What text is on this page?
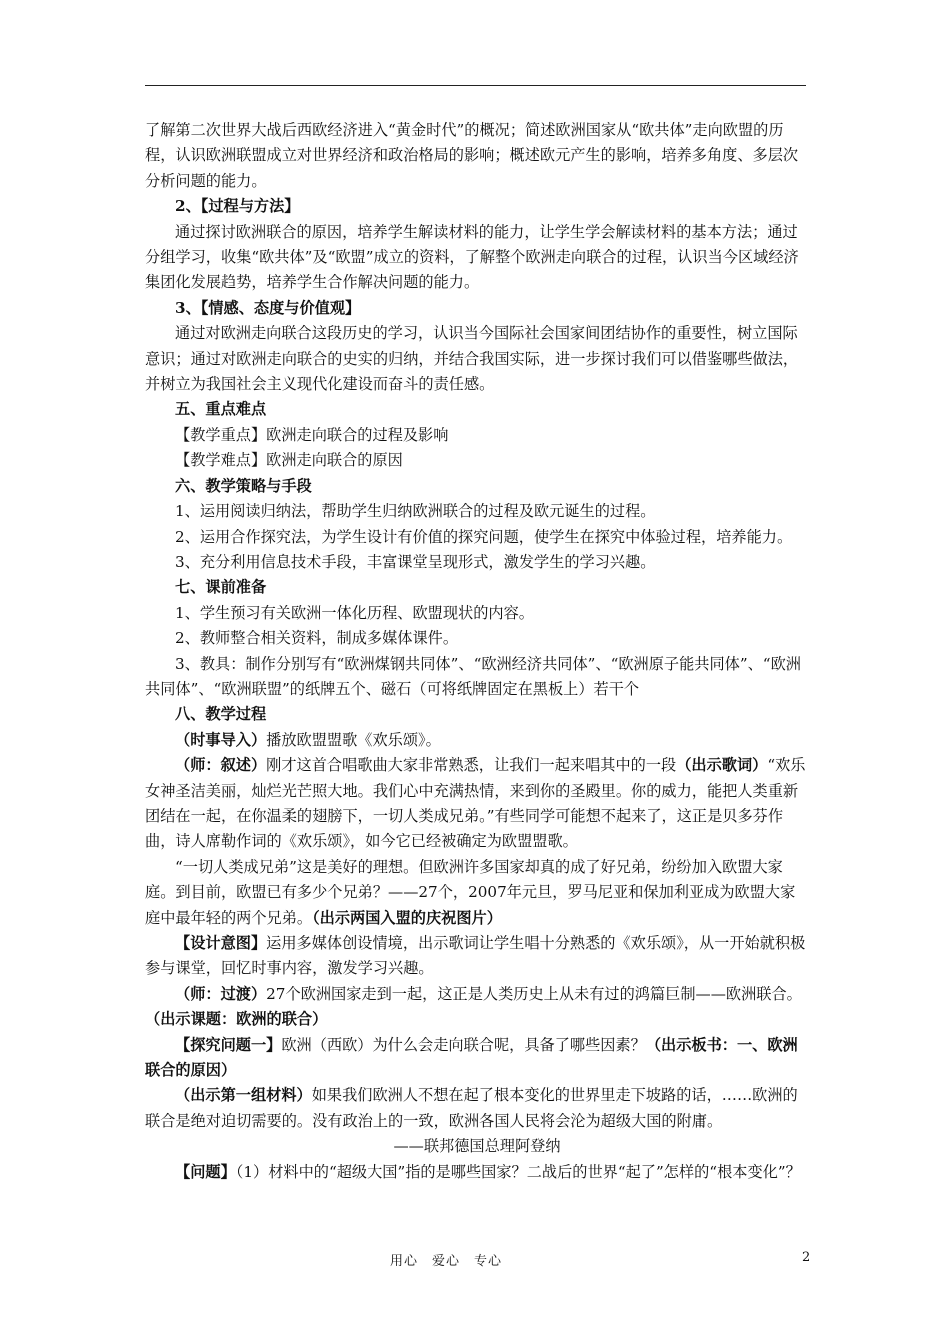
了解第二次世界大战后西欧经济进入“黄金时代”的概况；简述欧洲国家从“欧共体”走向欧盟的历程，认识欧洲联盟成立对世界经济和政治格局的影响；概述欧元产生的影响，培养多角度、多层次分析问题的能力。

2、【过程与方法】

通过探讨欧洲联合的原因，培养学生解读材料的能力，让学生学会解读材料的基本方法；通过分组学习，收集“欧共体”及“欧盟”成立的资料，了解整个欧洲走向联合的过程，认识当今区域经济集团化发展趋势，培养学生合作解决问题的能力。

3、【情感、态度与价值观】

通过对欧洲走向联合这段历史的学习，认识当今国际社会国家间团结协作的重要性，树立国际意识；通过对欧洲走向联合的史实的归纳，并结合我国实际，进一步探讨我们可以借鉴哪些做法，并树立为我国社会主义现代化建设而奋斗的责任感。

五、重点难点

【教学重点】欧洲走向联合的过程及影响

【教学难点】欧洲走向联合的原因

六、教学策略与手段

1、运用阅读归纳法，帮助学生归纳欧洲联合的过程及欧元诞生的过程。

2、运用合作探究法，为学生设计有价值的探究问题，使学生在探究中体验过程，培养能力。

3、充分利用信息技术手段，丰富课堂呈现形式，激发学生的学习兴趣。

七、课前准备

1、学生预习有关欧洲一体化历程、欧盟现状的内容。

2、教师整合相关资料，制成多媒体课件。

3、教具：制作分别写有“欧洲煤钢共同体”、“欧洲经济共同体”、“欧洲原子能共同体”、“欧洲共同体”、“欧洲联盟”的纸牌五个、磁石（可将纸牌固定在黑板上）若干个

八、教学过程

（时事导入）播放欧盟盟歌《欢乐颂》。

（师：叙述）刚才这首合唱歌曲大家非常熟悉，让我们一起来唱其中的一段（出示歌词）“欢乐女神圣洁美丽，灿烂光芒照大地。我们心中充满热情，来到你的圣殿里。你的威力，能把人类重新团结在一起，在你温柔的翅膀下，一切人类成兄弟。”有些同学可能想不起来了，这正是贝多芬作曲，诗人席勒作词的《欢乐颂》，如今它已经被确定为欧盟盟歌。

“一切人类成兄弟”这是美好的理想。但欧洲许多国家却真的成了好兄弟，纷纷加入欧盟大家庭。到目前，欧盟已有多少个兄弟？——27个，2007年元旦，罗马尼亚和保加利亚成为欧盟大家庭中最年轻的两个兄弟。（出示两国入盟的庆祝图片）

【设计意图】运用多媒体创设情境，出示歌词让学生唱十分熟悉的《欢乐颂》，从一开始就积极参与课堂，回忆时事内容，激发学习兴趣。

（师：过渡）27个欧洲国家走到一起，这正是人类历史上从未有过的鸿篇巨制——欧洲联合。（出示课题：欧洲的联合）

【探究问题一】欧洲（西欧）为什么会走向联合呢，具备了哪些因素？（出示板书：一、欧洲联合的原因）

（出示第一组材料）如果我们欧洲人不想在起了根本变化的世界里走下坡路的话，……欧洲的联合是绝对迫切需要的。没有政治上的一致，欧洲各国人民将会沦为超级大国的附庸。

——联邦德国总理阿登纳

【问题】（1）材料中的“超级大国”指的是哪些国家？二战后的世界“起了”怎样的“根本变化”？

用心 爱心 专心	2
